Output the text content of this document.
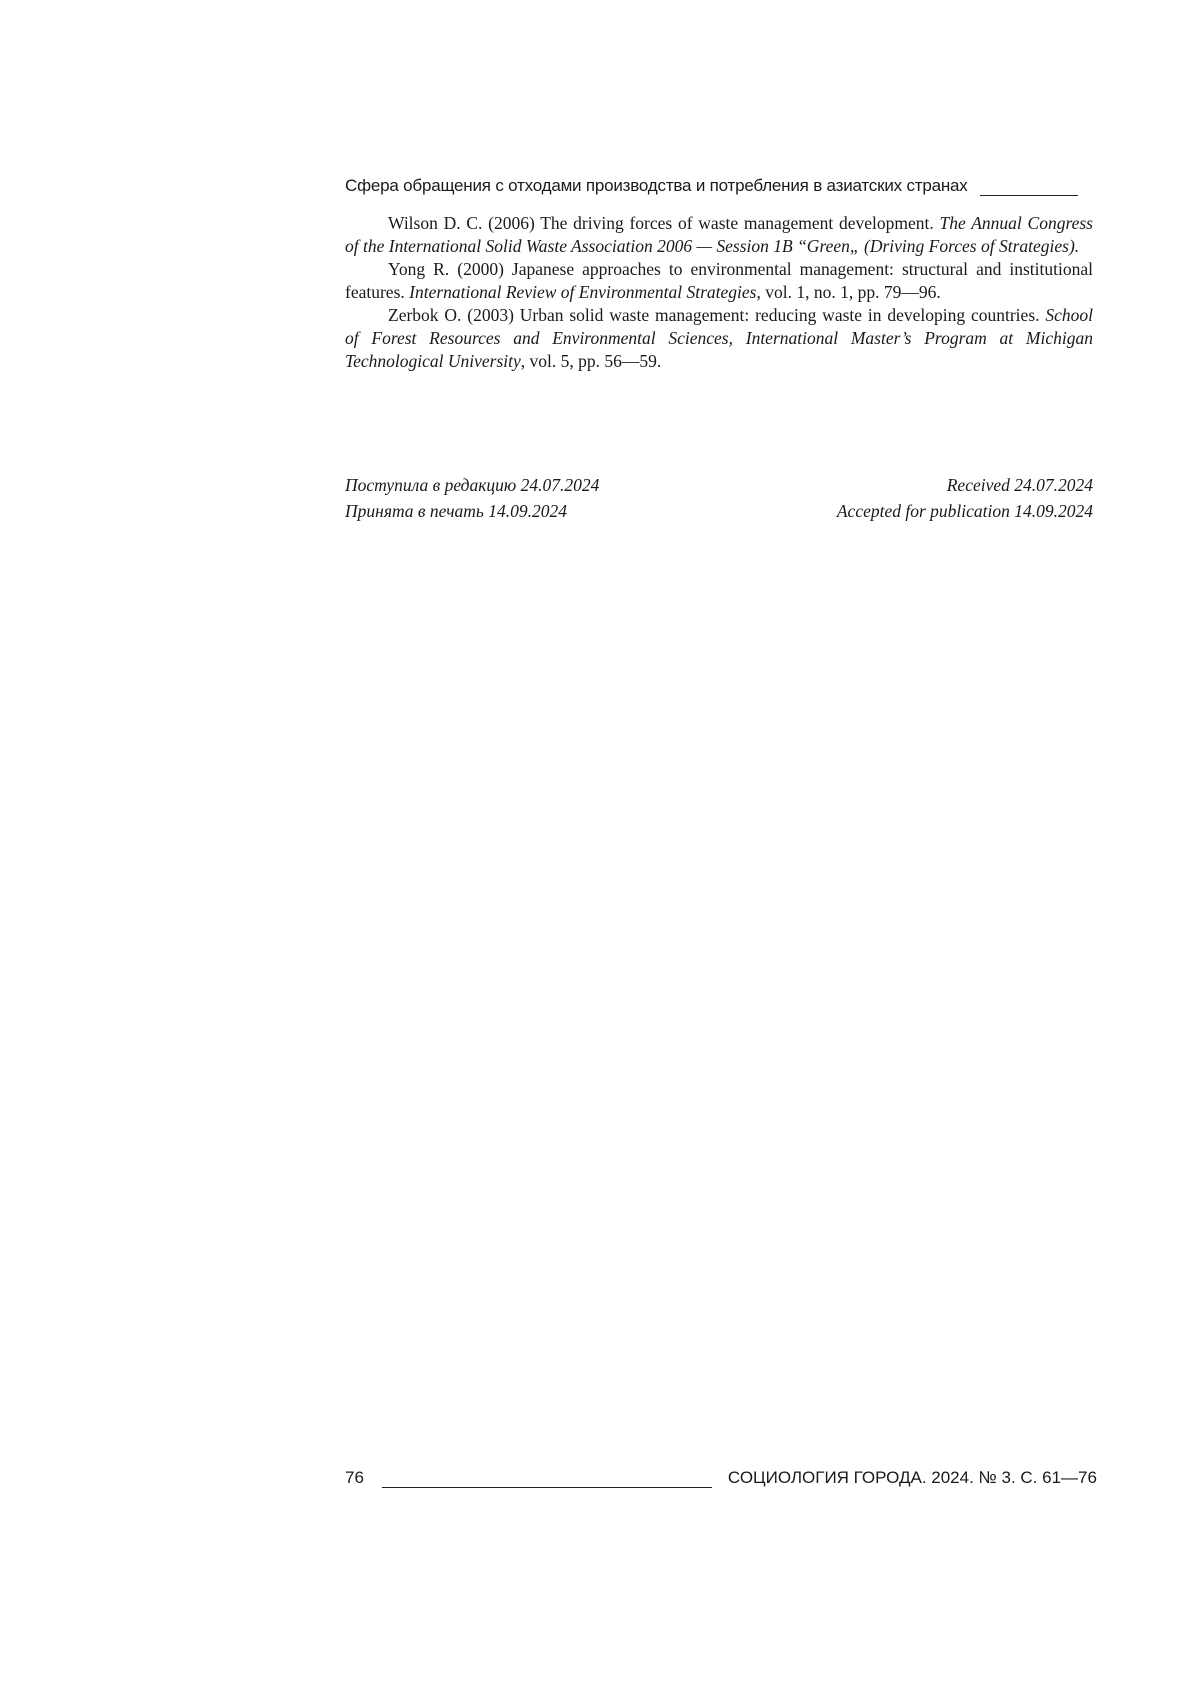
Сфера обращения с отходами производства и потребления в азиатских странах

Wilson D. C. (2006) The driving forces of waste management development. The Annual Congress of the International Solid Waste Association 2006 — Session 1B “Green„ (Driving Forces of Strategies).

Yong R. (2000) Japanese approaches to environmental management: structural and institutional features. International Review of Environmental Strategies, vol. 1, no. 1, pp. 79—96.

Zerbok O. (2003) Urban solid waste management: reducing waste in developing countries. School of Forest Resources and Environmental Sciences, International Master’s Program at Michigan Technological University, vol. 5, pp. 56—59.

Поступила в редакцию 24.07.2024	Received 24.07.2024
Принята в печать 14.09.2024	Accepted for publication 14.09.2024
76	СОЦИОЛОГИЯ ГОРОДА. 2024. № 3. С. 61—76
